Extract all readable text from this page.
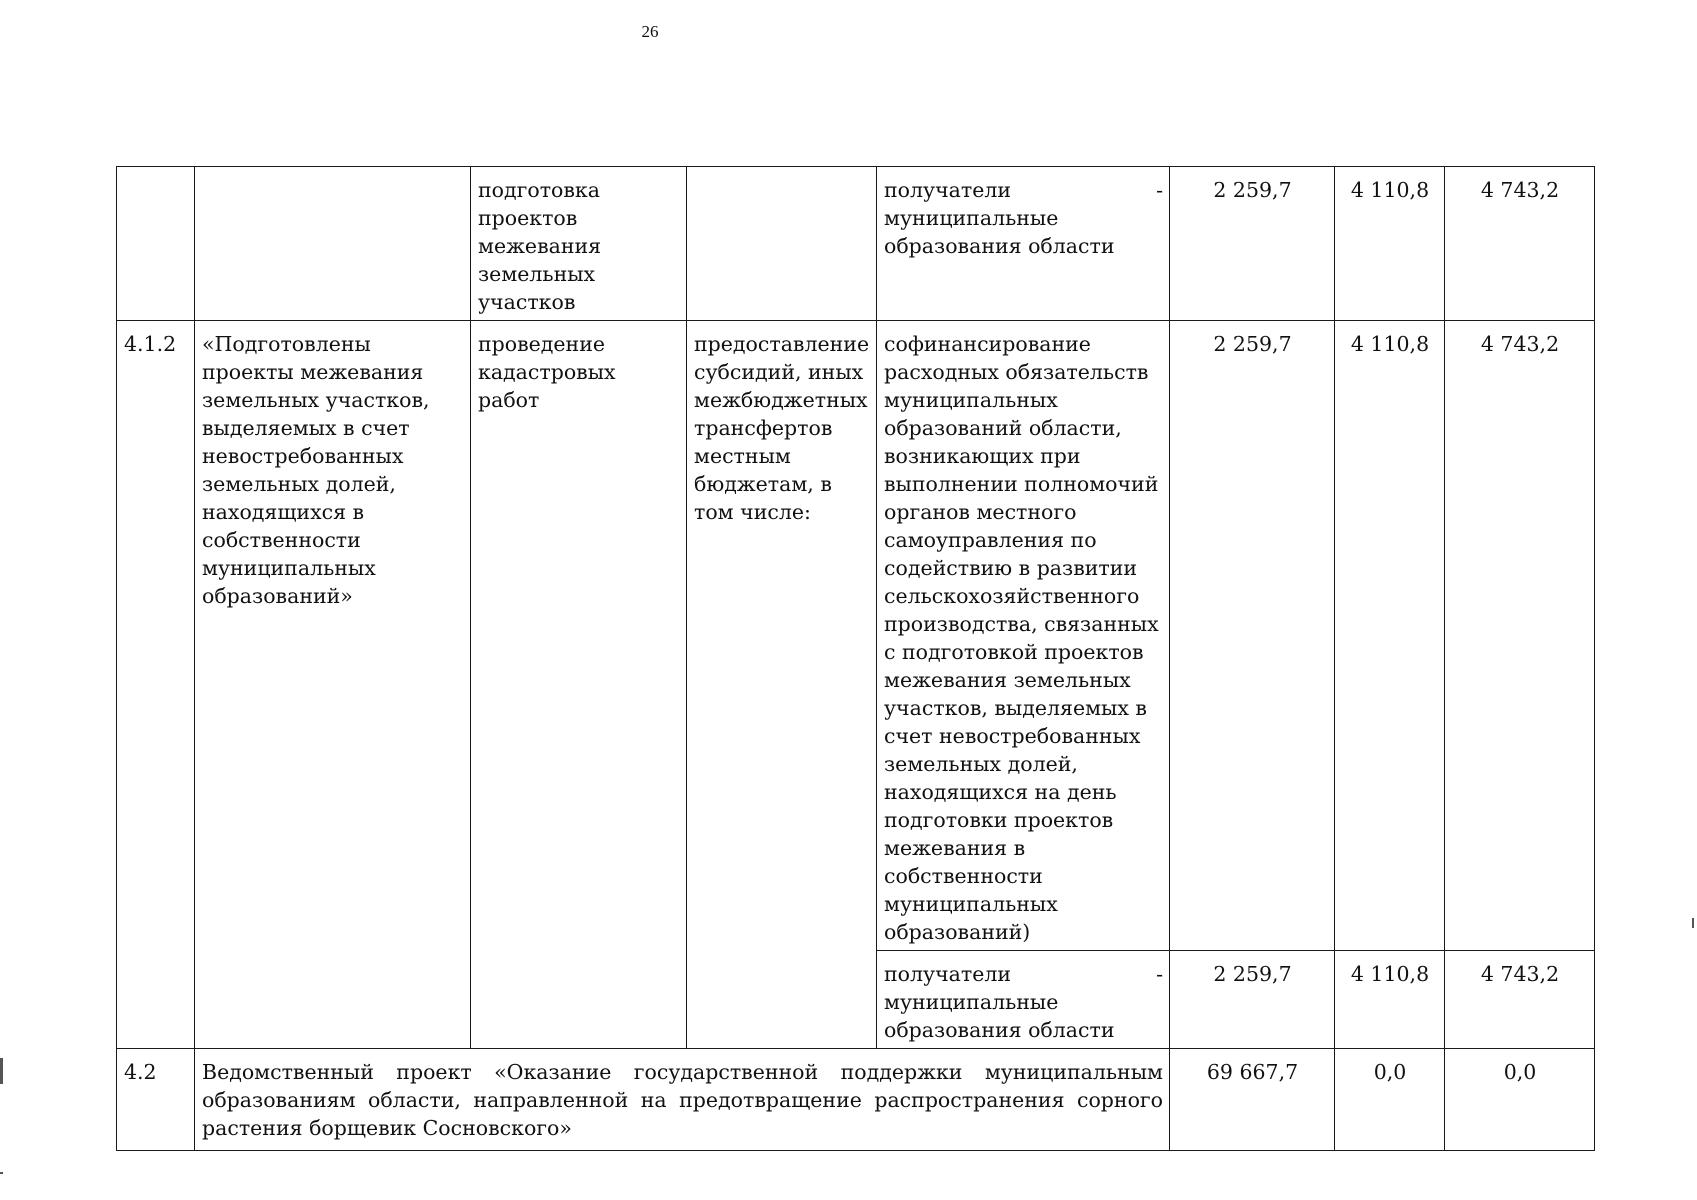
26
		подготовка проектов межевания земельных участков		получатели - муниципальные образования области	2 259,7	4 110,8	4 743,2
4.1.2	«Подготовлены проекты межевания земельных участков, выделяемых в счет невостребованных земельных долей, находящихся в собственности муниципальных образований»	проведение кадастровых работ	предоставление субсидий, иных межбюджетных трансфертов местным бюджетам, в том числе:	софинансирование расходных обязательств муниципальных образований области, возникающих при выполнении полномочий органов местного самоуправления по содействию в развитии сельскохозяйственного производства, связанных с подготовкой проектов межевания земельных участков, выделяемых в счет невостребованных земельных долей, находящихся на день подготовки проектов межевания в собственности муниципальных образований)	2 259,7	4 110,8	4 743,2
				получатели - муниципальные образования области	2 259,7	4 110,8	4 743,2
4.2	Ведомственный проект «Оказание государственной поддержки муниципальным образованиям области, направленной на предотвращение распространения сорного растения борщевик Сосновского»				69 667,7	0,0	0,0
